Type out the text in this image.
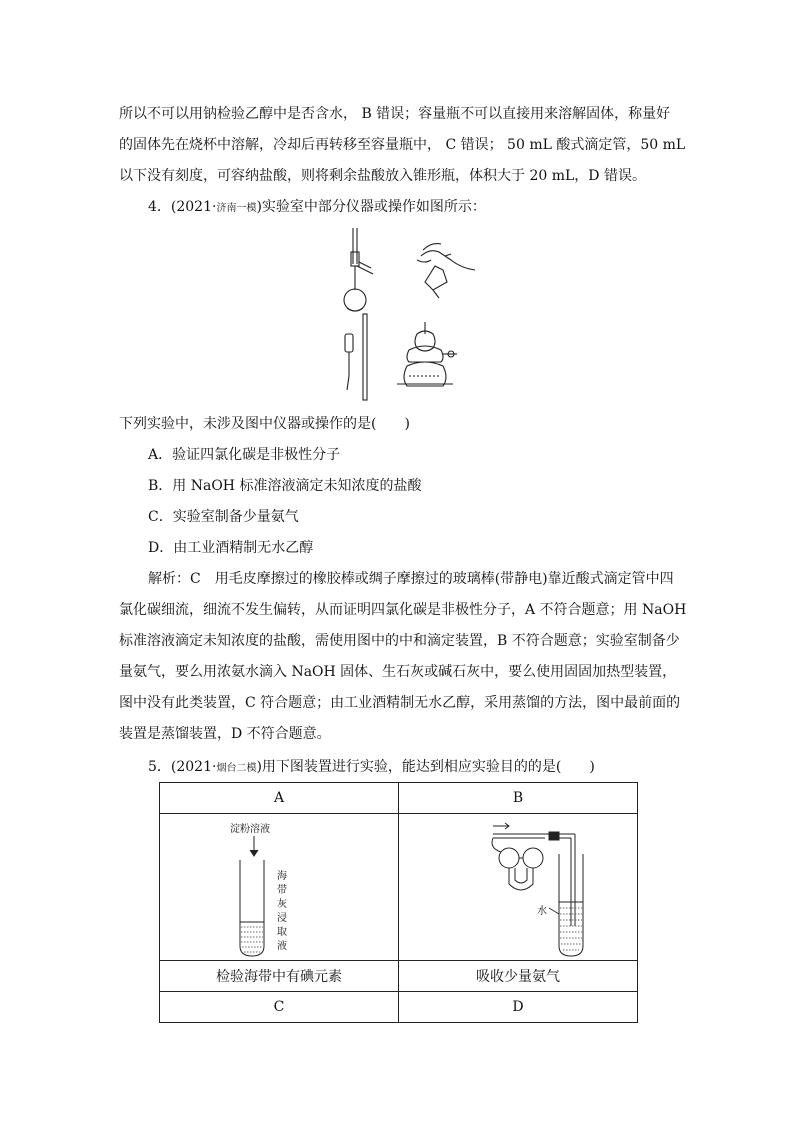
所以不可以用钠检验乙醇中是否含水， B 错误；容量瓶不可以直接用来溶解固体，称量好
的固体先在烧杯中溶解，冷却后再转移至容量瓶中， C 错误； 50 mL 酸式滴定管，50 mL
以下没有刻度，可容纳盐酸，则将剩余盐酸放入锥形瓶，体积大于 20 mL，D 错误。
4．(2021·济南一模)实验室中部分仪器或操作如图所示：
下列实验中，未涉及图中仪器或操作的是(　　)
A．验证四氯化碳是非极性分子
B．用 NaOH 标准溶液滴定未知浓度的盐酸
C．实验室制备少量氨气
D．由工业酒精制无水乙醇
解析：C　用毛皮摩擦过的橡胶棒或绸子摩擦过的玻璃棒(带静电)靠近酸式滴定管中四
氯化碳细流，细流不发生偏转，从而证明四氯化碳是非极性分子，A 不符合题意；用 NaOH
标准溶液滴定未知浓度的盐酸，需使用图中的中和滴定装置，B 不符合题意；实验室制备少
量氨气，要么用浓氨水滴入 NaOH 固体、生石灰或碱石灰中，要么使用固固加热型装置，
图中没有此类装置，C 符合题意；由工业酒精制无水乙醇，采用蒸馏的方法，图中最前面的
装置是蒸馏装置，D 不符合题意。
5．(2021·烟台二模)用下图装置进行实验，能达到相应实验目的的是(　　)
A	B

淀粉溶液
海带灰浸取液	水

检验海带中有碘元素	吸收少量氨气
C	D
